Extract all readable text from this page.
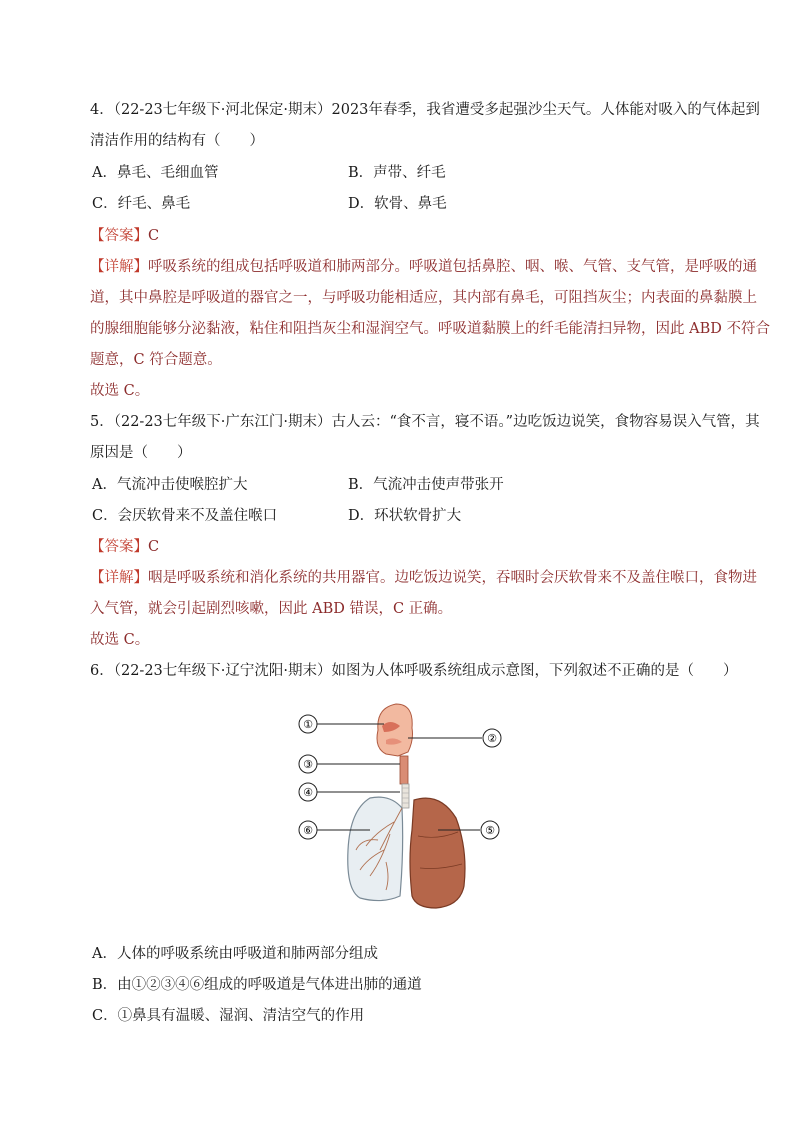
4．（22-23七年级下·河北保定·期末）2023年春季，我省遭受多起强沙尘天气。人体能对吸入的气体起到
清洁作用的结构有（　　）
A．鼻毛、毛细血管	B．声带、纤毛
C．纤毛、鼻毛	D．软骨、鼻毛
【答案】C
【详解】呼吸系统的组成包括呼吸道和肺两部分。呼吸道包括鼻腔、咽、喉、气管、支气管，是呼吸的通
道，其中鼻腔是呼吸道的器官之一，与呼吸功能相适应，其内部有鼻毛，可阻挡灰尘；内表面的鼻黏膜上
的腺细胞能够分泌黏液，粘住和阻挡灰尘和湿润空气。呼吸道黏膜上的纤毛能清扫异物，因此 ABD 不符合
题意，C 符合题意。
故选 C。
5．（22-23七年级下·广东江门·期末）古人云：“食不言，寝不语。”边吃饭边说笑，食物容易误入气管，其
原因是（　　）
A．气流冲击使喉腔扩大	B．气流冲击使声带张开
C．会厌软骨来不及盖住喉口	D．环状软骨扩大
【答案】C
【详解】咽是呼吸系统和消化系统的共用器官。边吃饭边说笑，吞咽时会厌软骨来不及盖住喉口，食物进
入气管，就会引起剧烈咳嗽，因此 ABD 错误，C 正确。
故选 C。
6．（22-23七年级下·辽宁沈阳·期末）如图为人体呼吸系统组成示意图，下列叙述不正确的是（　　）
①
②
③
④
⑤
⑥
A．人体的呼吸系统由呼吸道和肺两部分组成
B．由①②③④⑥组成的呼吸道是气体进出肺的通道
C．①鼻具有温暖、湿润、清洁空气的作用
